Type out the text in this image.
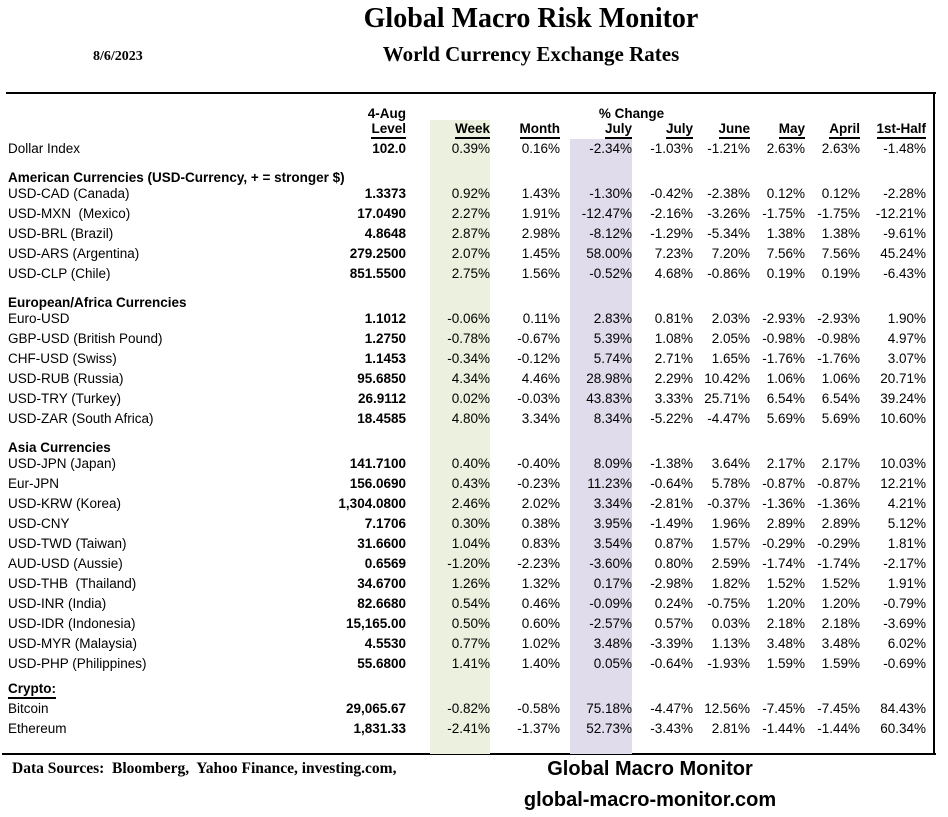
Global Macro Risk Monitor
8/6/2023	World Currency Exchange Rates
	4-Aug						% Change						
	Level		Week		Month		July		July	June	May	April	1st-Half
Dollar Index	102.0		0.39%		0.16%		-2.34%		-1.03%	-1.21%	2.63%	2.63%	-1.48%
American Currencies (USD-Currency, + = stronger $)													
USD-CAD (Canada)	1.3373		0.92%		1.43%		-1.30%		-0.42%	-2.38%	0.12%	0.12%	-2.28%
USD-MXN  (Mexico)	17.0490		2.27%		1.91%		-12.47%		-2.16%	-3.26%	-1.75%	-1.75%	-12.21%
USD-BRL (Brazil)	4.8648		2.87%		2.98%		-8.12%		-1.29%	-5.34%	1.38%	1.38%	-9.61%
USD-ARS (Argentina)	279.2500		2.07%		1.45%		58.00%		7.23%	7.20%	7.56%	7.56%	45.24%
USD-CLP (Chile)	851.5500		2.75%		1.56%		-0.52%		4.68%	-0.86%	0.19%	0.19%	-6.43%
European/Africa Currencies													
Euro-USD	1.1012		-0.06%		0.11%		2.83%		0.81%	2.03%	-2.93%	-2.93%	1.90%
GBP-USD (British Pound)	1.2750		-0.78%		-0.67%		5.39%		1.08%	2.05%	-0.98%	-0.98%	4.97%
CHF-USD (Swiss)	1.1453		-0.34%		-0.12%		5.74%		2.71%	1.65%	-1.76%	-1.76%	3.07%
USD-RUB (Russia)	95.6850		4.34%		4.46%		28.98%		2.29%	10.42%	1.06%	1.06%	20.71%
USD-TRY (Turkey)	26.9112		0.02%		-0.03%		43.83%		3.33%	25.71%	6.54%	6.54%	39.24%
USD-ZAR (South Africa)	18.4585		4.80%		3.34%		8.34%		-5.22%	-4.47%	5.69%	5.69%	10.60%
Asia Currencies													
USD-JPN (Japan)	141.7100		0.40%		-0.40%		8.09%		-1.38%	3.64%	2.17%	2.17%	10.03%
Eur-JPN	156.0690		0.43%		-0.23%		11.23%		-0.64%	5.78%	-0.87%	-0.87%	12.21%
USD-KRW (Korea)	1,304.0800		2.46%		2.02%		3.34%		-2.81%	-0.37%	-1.36%	-1.36%	4.21%
USD-CNY	7.1706		0.30%		0.38%		3.95%		-1.49%	1.96%	2.89%	2.89%	5.12%
USD-TWD (Taiwan)	31.6600		1.04%		0.83%		3.54%		0.87%	1.57%	-0.29%	-0.29%	1.81%
AUD-USD (Aussie)	0.6569		-1.20%		-2.23%		-3.60%		0.80%	2.59%	-1.74%	-1.74%	-2.17%
USD-THB  (Thailand)	34.6700		1.26%		1.32%		0.17%		-2.98%	1.82%	1.52%	1.52%	1.91%
USD-INR (India)	82.6680		0.54%		0.46%		-0.09%		0.24%	-0.75%	1.20%	1.20%	-0.79%
USD-IDR (Indonesia)	15,165.00		0.50%		0.60%		-2.57%		0.57%	0.03%	2.18%	2.18%	-3.69%
USD-MYR (Malaysia)	4.5530		0.77%		1.02%		3.48%		-3.39%	1.13%	3.48%	3.48%	6.02%
USD-PHP (Philippines)	55.6800		1.41%		1.40%		0.05%		-0.64%	-1.93%	1.59%	1.59%	-0.69%
Crypto:													
Bitcoin	29,065.67		-0.82%		-0.58%		75.18%		-4.47%	12.56%	-7.45%	-7.45%	84.43%
Ethereum	1,831.33		-2.41%		-1.37%		52.73%		-3.43%	2.81%	-1.44%	-1.44%	60.34%

Data Sources:  Bloomberg,  Yahoo Finance, investing.com,	Global Macro Monitor
global-macro-monitor.com
